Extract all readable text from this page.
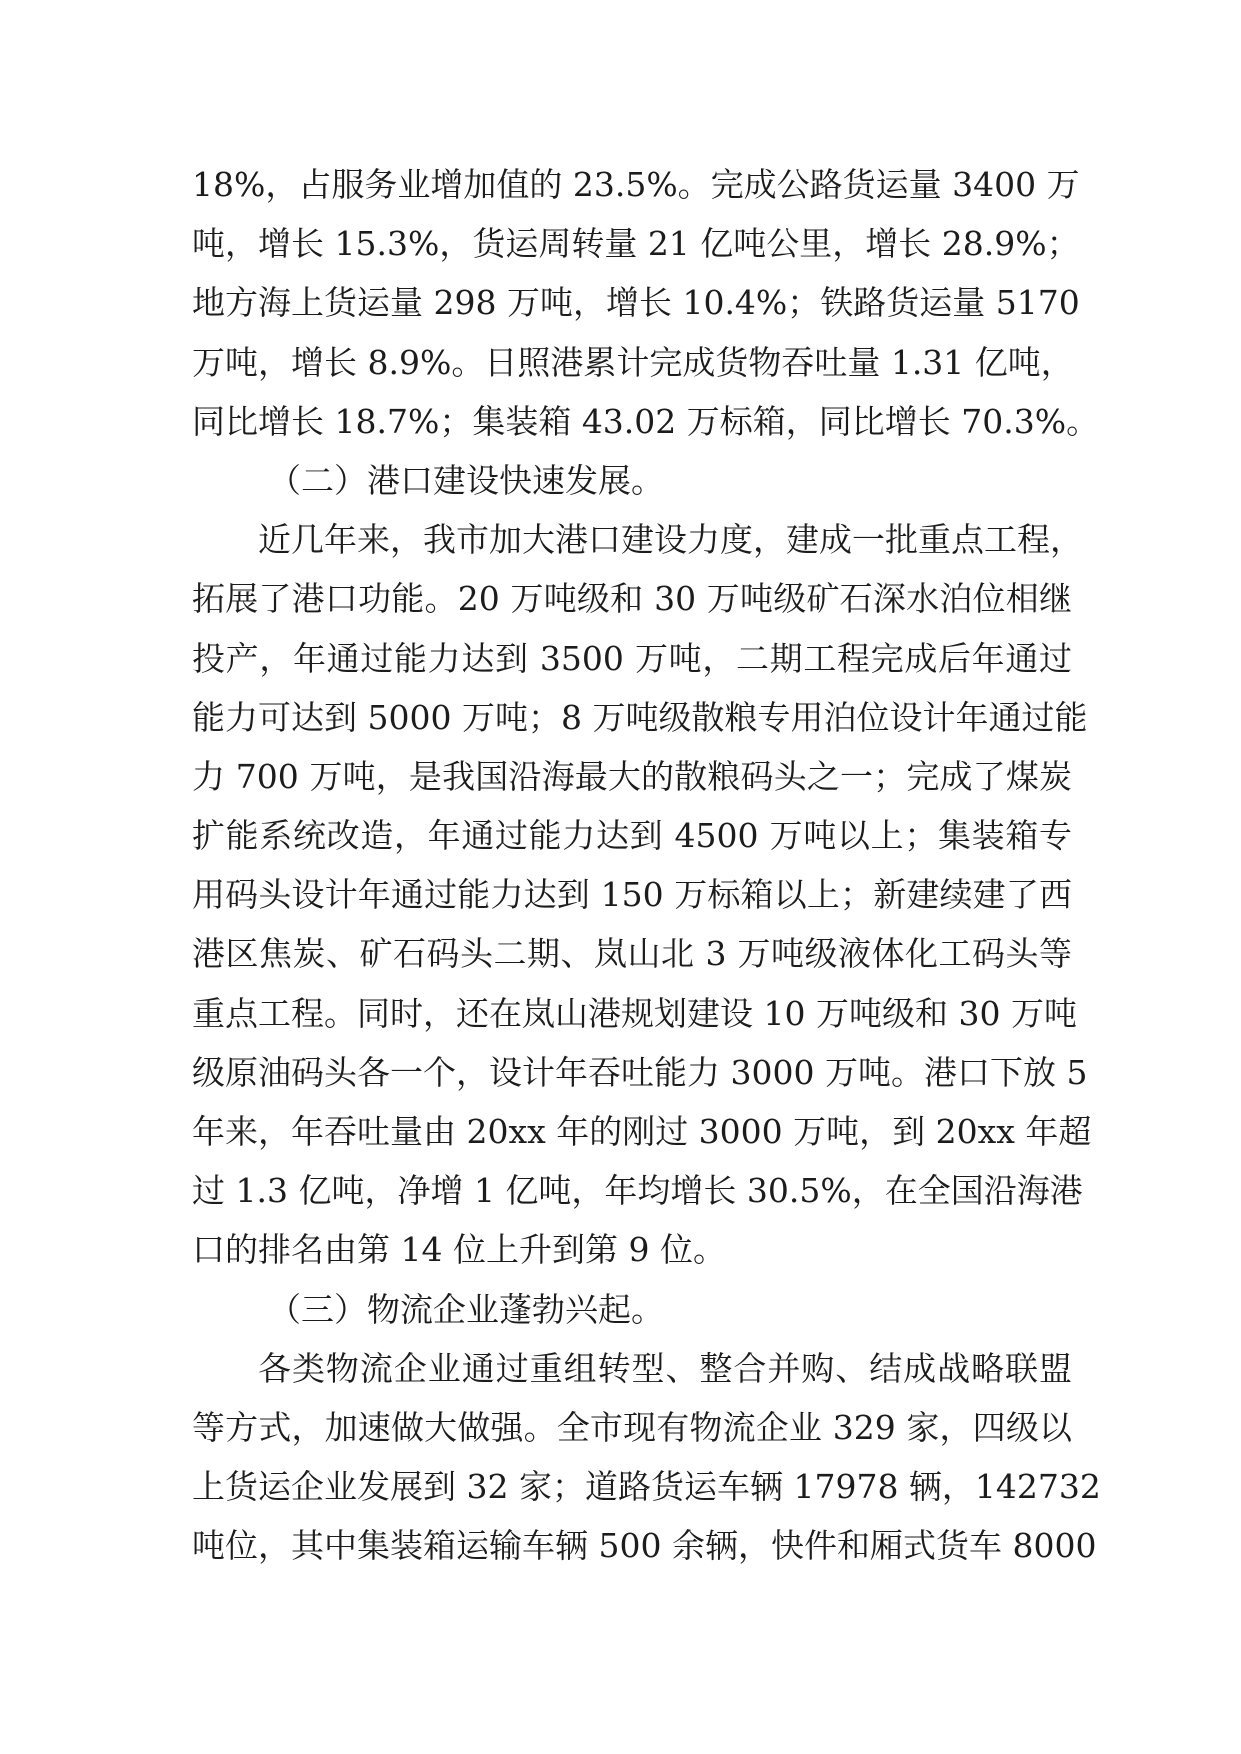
18%，占服务业增加值的 23.5%。完成公路货运量 3400 万
吨，增长 15.3%，货运周转量 21 亿吨公里，增长 28.9%；
地方海上货运量 298 万吨，增长 10.4%；铁路货运量 5170
万吨，增长 8.9%。日照港累计完成货物吞吐量 1.31 亿吨，
同比增长 18.7%；集装箱 43.02 万标箱，同比增长 70.3%。
（二）港口建设快速发展。
近几年来，我市加大港口建设力度，建成一批重点工程，
拓展了港口功能。20 万吨级和 30 万吨级矿石深水泊位相继
投产，年通过能力达到 3500 万吨，二期工程完成后年通过
能力可达到 5000 万吨；8 万吨级散粮专用泊位设计年通过能
力 700 万吨，是我国沿海最大的散粮码头之一；完成了煤炭
扩能系统改造，年通过能力达到 4500 万吨以上；集装箱专
用码头设计年通过能力达到 150 万标箱以上；新建续建了西
港区焦炭、矿石码头二期、岚山北 3 万吨级液体化工码头等
重点工程。同时，还在岚山港规划建设 10 万吨级和 30 万吨
级原油码头各一个，设计年吞吐能力 3000 万吨。港口下放 5
年来，年吞吐量由 20xx 年的刚过 3000 万吨，到 20xx 年超
过 1.3 亿吨，净增 1 亿吨，年均增长 30.5%，在全国沿海港
口的排名由第 14 位上升到第 9 位。
（三）物流企业蓬勃兴起。
各类物流企业通过重组转型、整合并购、结成战略联盟
等方式，加速做大做强。全市现有物流企业 329 家，四级以
上货运企业发展到 32 家；道路货运车辆 17978 辆，142732
吨位，其中集装箱运输车辆 500 余辆，快件和厢式货车 8000
